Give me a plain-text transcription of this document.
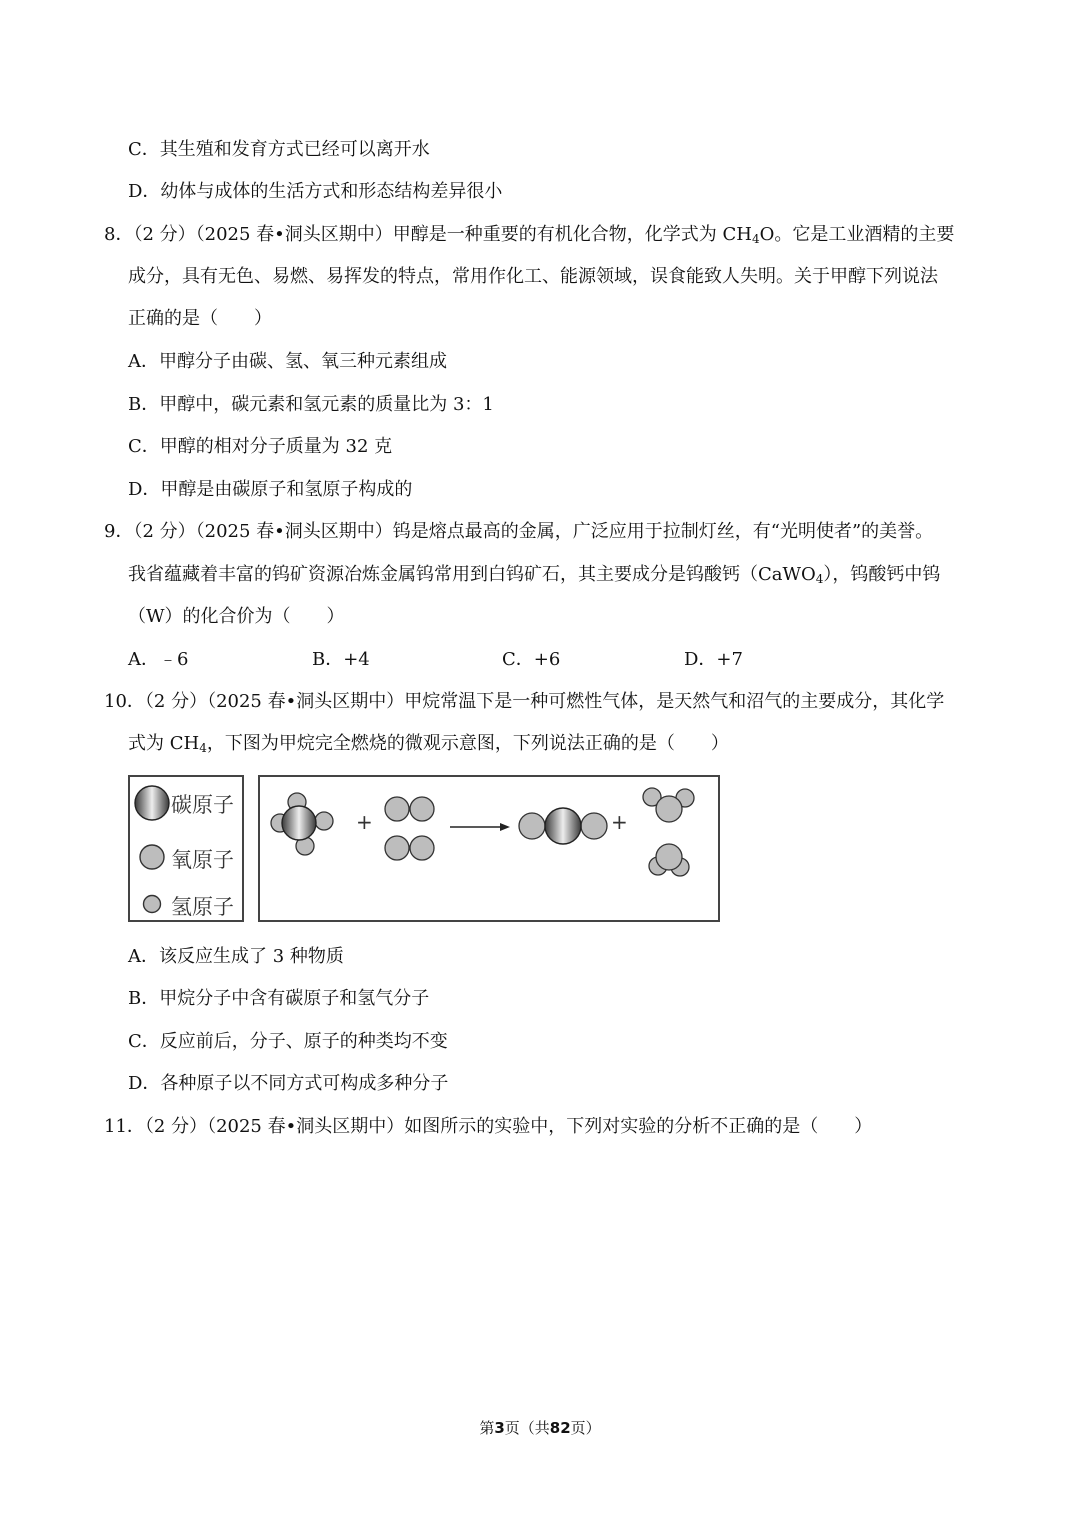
C．其生殖和发育方式已经可以离开水
D．幼体与成体的生活方式和形态结构差异很小
8．（2 分）（2025 春•洞头区期中）甲醇是一种重要的有机化合物，化学式为 $CH_4O$。它是工业酒精的主要
成分，具有无色、易燃、易挥发的特点，常用作化工、能源领域，误食能致人失明。关于甲醇下列说法
正确的是（　　）
A．甲醇分子由碳、氢、氧三种元素组成
B．甲醇中，碳元素和氢元素的质量比为 3：1
C．甲醇的相对分子质量为 32 克
D．甲醇是由碳原子和氢原子构成的
9．（2 分）（2025 春•洞头区期中）钨是熔点最高的金属，广泛应用于拉制灯丝，有“光明使者”的美誉。
我省蕴藏着丰富的钨矿资源冶炼金属钨常用到白钨矿石，其主要成分是钨酸钙（CaWO$_4$），钨酸钙中钨
（W）的化合价为（　　）
A．﹣6	B．+4	C．+6	D．+7
10．（2 分）（2025 春•洞头区期中）甲烷常温下是一种可燃性气体，是天然气和沼气的主要成分，其化学
式为 $CH_4$，下图为甲烷完全燃烧的微观示意图，下列说法正确的是（　　）
碳原子
氧原子
氢原子
+	+
A．该反应生成了 3 种物质
B．甲烷分子中含有碳原子和氢气分子
C．反应前后，分子、原子的种类均不变
D．各种原子以不同方式可构成多种分子
11．（2 分）（2025 春•洞头区期中）如图所示的实验中，下列对实验的分析不正确的是（　　）
第3页（共82页）
